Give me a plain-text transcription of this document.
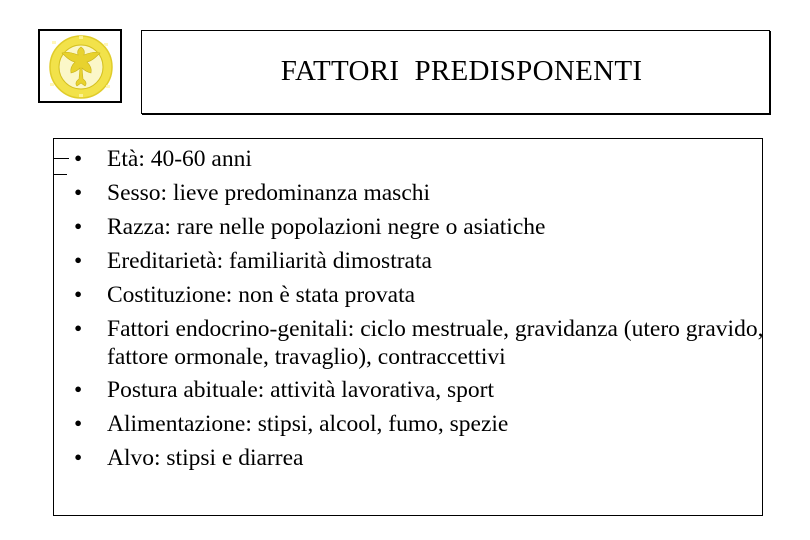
FATTORI  PREDISPONENTI
• Età: 40-60 anni
• Sesso: lieve predominanza maschi
• Razza: rare nelle popolazioni negre o asiatiche
• Ereditarietà: familiarità dimostrata
• Costituzione: non è stata provata
• Fattori endocrino-genitali: ciclo mestruale, gravidanza (utero gravido, fattore ormonale, travaglio), contraccettivi
• Postura abituale: attività lavorativa, sport
• Alimentazione: stipsi, alcool, fumo, spezie
• Alvo: stipsi e diarrea
